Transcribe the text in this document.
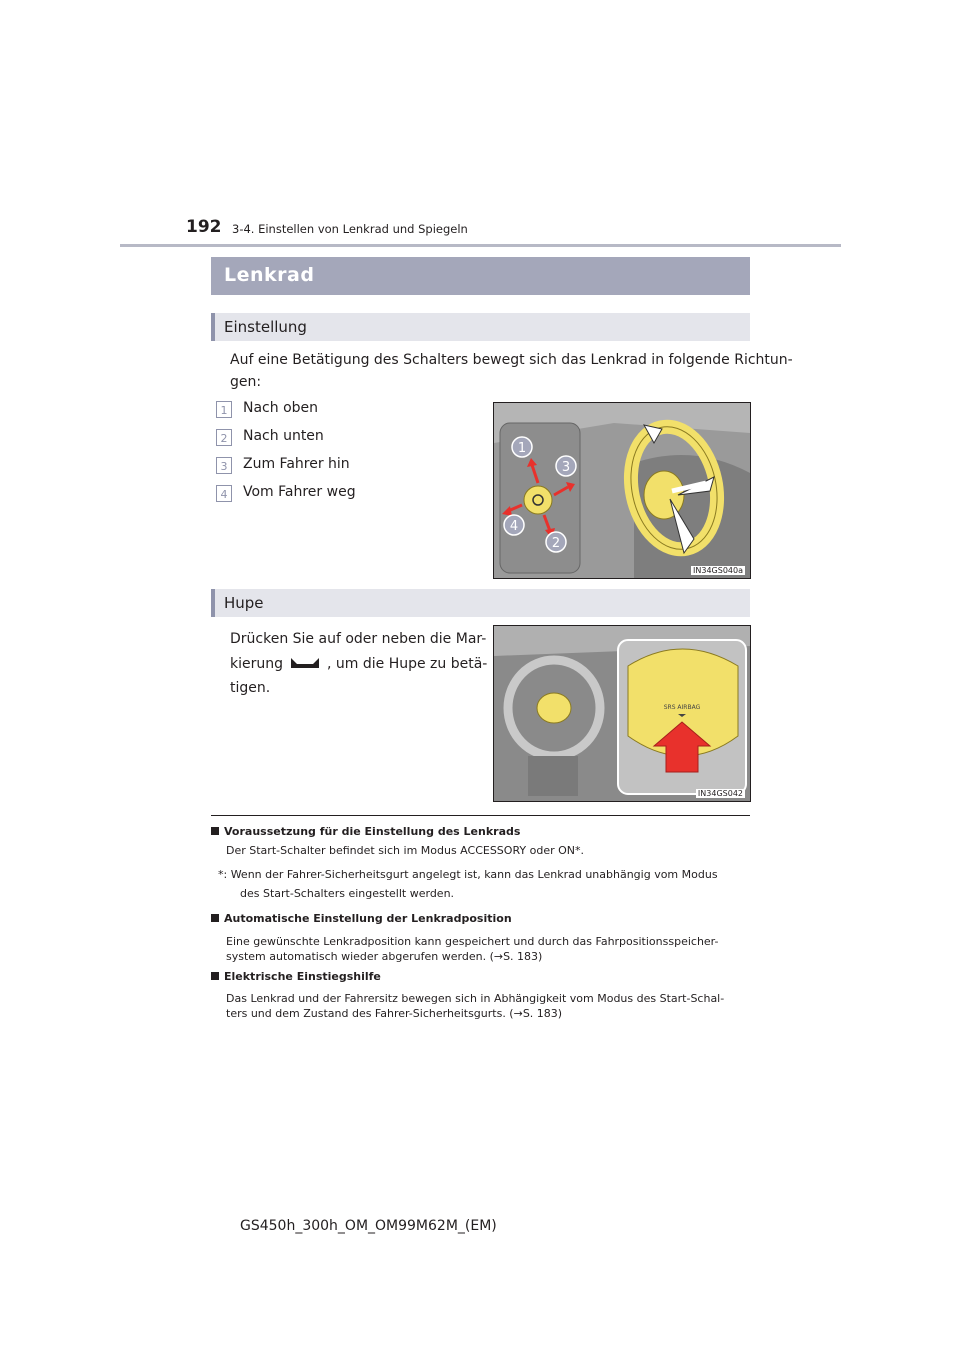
192 3-4. Einstellen von Lenkrad und Spiegeln
Lenkrad
Einstellung
Auf eine Betätigung des Schalters bewegt sich das Lenkrad in folgende Richtun-
gen:
1	Nach oben
2	Nach unten
3	Zum Fahrer hin
4	Vom Fahrer weg
1
3
4
2
IN34GS040a
Hupe
Drücken Sie auf oder neben die Mar-
kierung	, um die Hupe zu betä-
tigen.
SRS AIRBAG
IN34GS042
Voraussetzung für die Einstellung des Lenkrads
Der Start-Schalter befindet sich im Modus ACCESSORY oder ON*.
*: Wenn der Fahrer-Sicherheitsgurt angelegt ist, kann das Lenkrad unabhängig vom Modus
des Start-Schalters eingestellt werden.
Automatische Einstellung der Lenkradposition
Eine gewünschte Lenkradposition kann gespeichert und durch das Fahrpositionsspeicher-
system automatisch wieder abgerufen werden. (→S. 183)
Elektrische Einstiegshilfe
Das Lenkrad und der Fahrersitz bewegen sich in Abhängigkeit vom Modus des Start-Schal-
ters und dem Zustand des Fahrer-Sicherheitsgurts. (→S. 183)
GS450h_300h_OM_OM99M62M_(EM)
